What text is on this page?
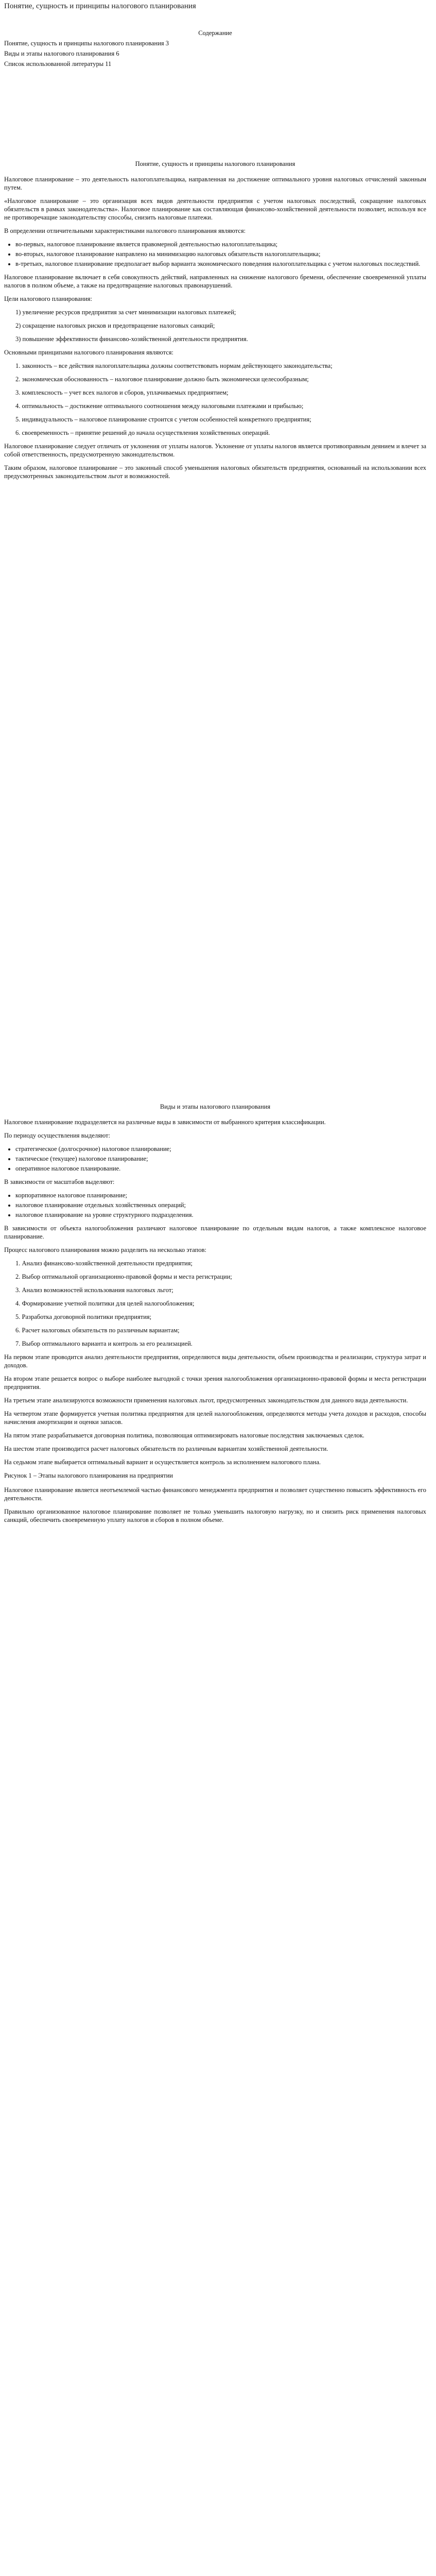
Понятие, сущность и принципы налогового планирования
Содержание
Понятие, сущность и принципы налогового планирования 3
Виды и этапы налогового планирования 6
Список использованной литературы 11
Понятие, сущность и принципы налогового планирования

Налоговое планирование – это деятельность налогоплательщика, направленная на достижение оптимального уровня налоговых отчислений законным путем.

«Налоговое планирование – это организация всех видов деятельности предприятия с учетом налоговых последствий, сокращение налоговых обязательств в рамках законодательства». Налоговое планирование как составляющая финансово-хозяйственной деятельности позволяет, используя все не противоречащие законодательству способы, снизить налоговые платежи.

В определении отличительными характеристиками налогового планирования являются:

• во-первых, налоговое планирование является правомерной деятельностью налогоплательщика;
• во-вторых, налоговое планирование направлено на минимизацию налоговых обязательств налогоплательщика;
• в-третьих, налоговое планирование предполагает выбор варианта экономического поведения налогоплательщика с учетом налоговых последствий.

Налоговое планирование включает в себя совокупность действий, направленных на снижение налогового бремени, обеспечение своевременной уплаты налогов в полном объеме, а также на предотвращение налоговых правонарушений.

Цели налогового планирования:

1) увеличение ресурсов предприятия за счет минимизации налоговых платежей;

2) сокращение налоговых рисков и предотвращение налоговых санкций;

3) повышение эффективности финансово-хозяйственной деятельности предприятия.

Основными принципами налогового планирования являются:

1. законность – все действия налогоплательщика должны соответствовать нормам действующего законодательства;

2. экономическая обоснованность – налоговое планирование должно быть экономически целесообразным;

3. комплексность – учет всех налогов и сборов, уплачиваемых предприятием;

4. оптимальность – достижение оптимального соотношения между налоговыми платежами и прибылью;

5. индивидуальность – налоговое планирование строится с учетом особенностей конкретного предприятия;

6. своевременность – принятие решений до начала осуществления хозяйственных операций.

Налоговое планирование следует отличать от уклонения от уплаты налогов. Уклонение от уплаты налогов является противоправным деянием и влечет за собой ответственность, предусмотренную законодательством.

Таким образом, налоговое планирование – это законный способ уменьшения налоговых обязательств предприятия, основанный на использовании всех предусмотренных законодательством льгот и возможностей.

Виды и этапы налогового планирования

Налоговое планирование подразделяется на различные виды в зависимости от выбранного критерия классификации.

По периоду осуществления выделяют:

• стратегическое (долгосрочное) налоговое планирование;
• тактическое (текущее) налоговое планирование;
• оперативное налоговое планирование.

В зависимости от масштабов выделяют:

• корпоративное налоговое планирование;
• налоговое планирование отдельных хозяйственных операций;
• налоговое планирование на уровне структурного подразделения.

В зависимости от объекта налогообложения различают налоговое планирование по отдельным видам налогов, а также комплексное налоговое планирование.

Процесс налогового планирования можно разделить на несколько этапов:

1. Анализ финансово-хозяйственной деятельности предприятия;

2. Выбор оптимальной организационно-правовой формы и места регистрации;

3. Анализ возможностей использования налоговых льгот;

4. Формирование учетной политики для целей налогообложения;

5. Разработка договорной политики предприятия;

6. Расчет налоговых обязательств по различным вариантам;

7. Выбор оптимального варианта и контроль за его реализацией.

На первом этапе проводится анализ деятельности предприятия, определяются виды деятельности, объем производства и реализации, структура затрат и доходов.

На втором этапе решается вопрос о выборе наиболее выгодной с точки зрения налогообложения организационно-правовой формы и места регистрации предприятия.

На третьем этапе анализируются возможности применения налоговых льгот, предусмотренных законодательством для данного вида деятельности.

На четвертом этапе формируется учетная политика предприятия для целей налогообложения, определяются методы учета доходов и расходов, способы начисления амортизации и оценки запасов.

На пятом этапе разрабатывается договорная политика, позволяющая оптимизировать налоговые последствия заключаемых сделок.

На шестом этапе производится расчет налоговых обязательств по различным вариантам хозяйственной деятельности.

На седьмом этапе выбирается оптимальный вариант и осуществляется контроль за исполнением налогового плана.

Рисунок 1 – Этапы налогового планирования на предприятии

Налоговое планирование является неотъемлемой частью финансового менеджмента предприятия и позволяет существенно повысить эффективность его деятельности.

Правильно организованное налоговое планирование позволяет не только уменьшить налоговую нагрузку, но и снизить риск применения налоговых санкций, обеспечить своевременную уплату налогов и сборов в полном объеме.
